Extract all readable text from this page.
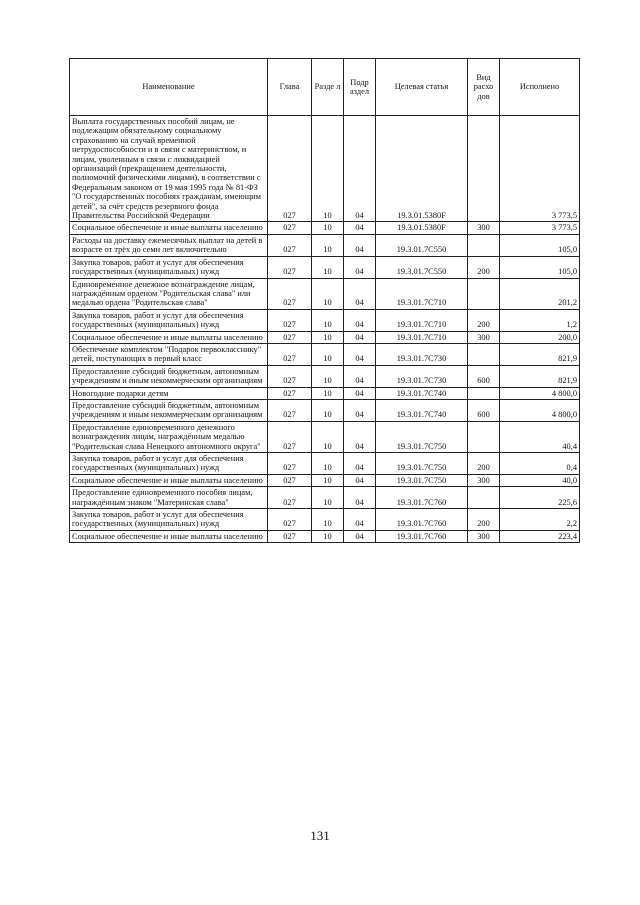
Наименование	Глава	Разде л	Подр аздел	Целевая статья	Вид расхо дов	Исполнено
Выплата государственных пособий лицам, не подлежащим обязательному социальному страхованию на случай временной нетрудоспособности и в связи с материнством, и лицам, уволенным в связи с ликвидацией организаций (прекращением деятельности, полномочий физическими лицами), в соответствии с Федеральным законом от 19 мая 1995 года № 81-ФЗ "О государственных пособиях гражданам, имеющим детей", за счёт средств резервного фонда Правительства Российской Федерации	027	10	04	19.3.01.5380F		3 773,5
Социальное обеспечение и иные выплаты населению	027	10	04	19.3.01.5380F	300	3 773,5
Расходы на доставку ежемесячных выплат на детей в возрасте от трёх до семи лет включительно	027	10	04	19.3.01.7С550		105,0
Закупка товаров, работ и услуг для обеспечения государственных (муниципальных) нужд	027	10	04	19.3.01.7С550	200	105,0
Единовременное денежное вознаграждение лицам, награждённым орденом "Родительская слава" или медалью ордена "Родительская слава"	027	10	04	19.3.01.7С710		201,2
Закупка товаров, работ и услуг для обеспечения государственных (муниципальных) нужд	027	10	04	19.3.01.7С710	200	1,2
Социальное обеспечение и иные выплаты населению	027	10	04	19.3.01.7С710	300	200,0
Обеспечение комплектом "Подарок первокласснику" детей, поступающих в первый класс	027	10	04	19.3.01.7С730		821,9
Предоставление субсидий бюджетным, автономным учреждениям и иным некоммерческим организациям	027	10	04	19.3.01.7С730	600	821,9
Новогодние подарки детям	027	10	04	19.3.01.7С740		4 800,0
Предоставление субсидий бюджетным, автономным учреждениям и иным некоммерческим организациям	027	10	04	19.3.01.7С740	600	4 800,0
Предоставление единовременного денежного вознаграждения лицам, награждённым медалью "Родительская слава Ненецкого автономного округа"	027	10	04	19.3.01.7С750		40,4
Закупка товаров, работ и услуг для обеспечения государственных (муниципальных) нужд	027	10	04	19.3.01.7С750	200	0,4
Социальное обеспечение и иные выплаты населению	027	10	04	19.3.01.7С750	300	40,0
Предоставление единовременного пособия лицам, награждённым знаком "Материнская слава"	027	10	04	19.3.01.7С760		225,6
Закупка товаров, работ и услуг для обеспечения государственных (муниципальных) нужд	027	10	04	19.3.01.7С760	200	2,2
Социальное обеспечение и иные выплаты населению	027	10	04	19.3.01.7С760	300	223,4
131
